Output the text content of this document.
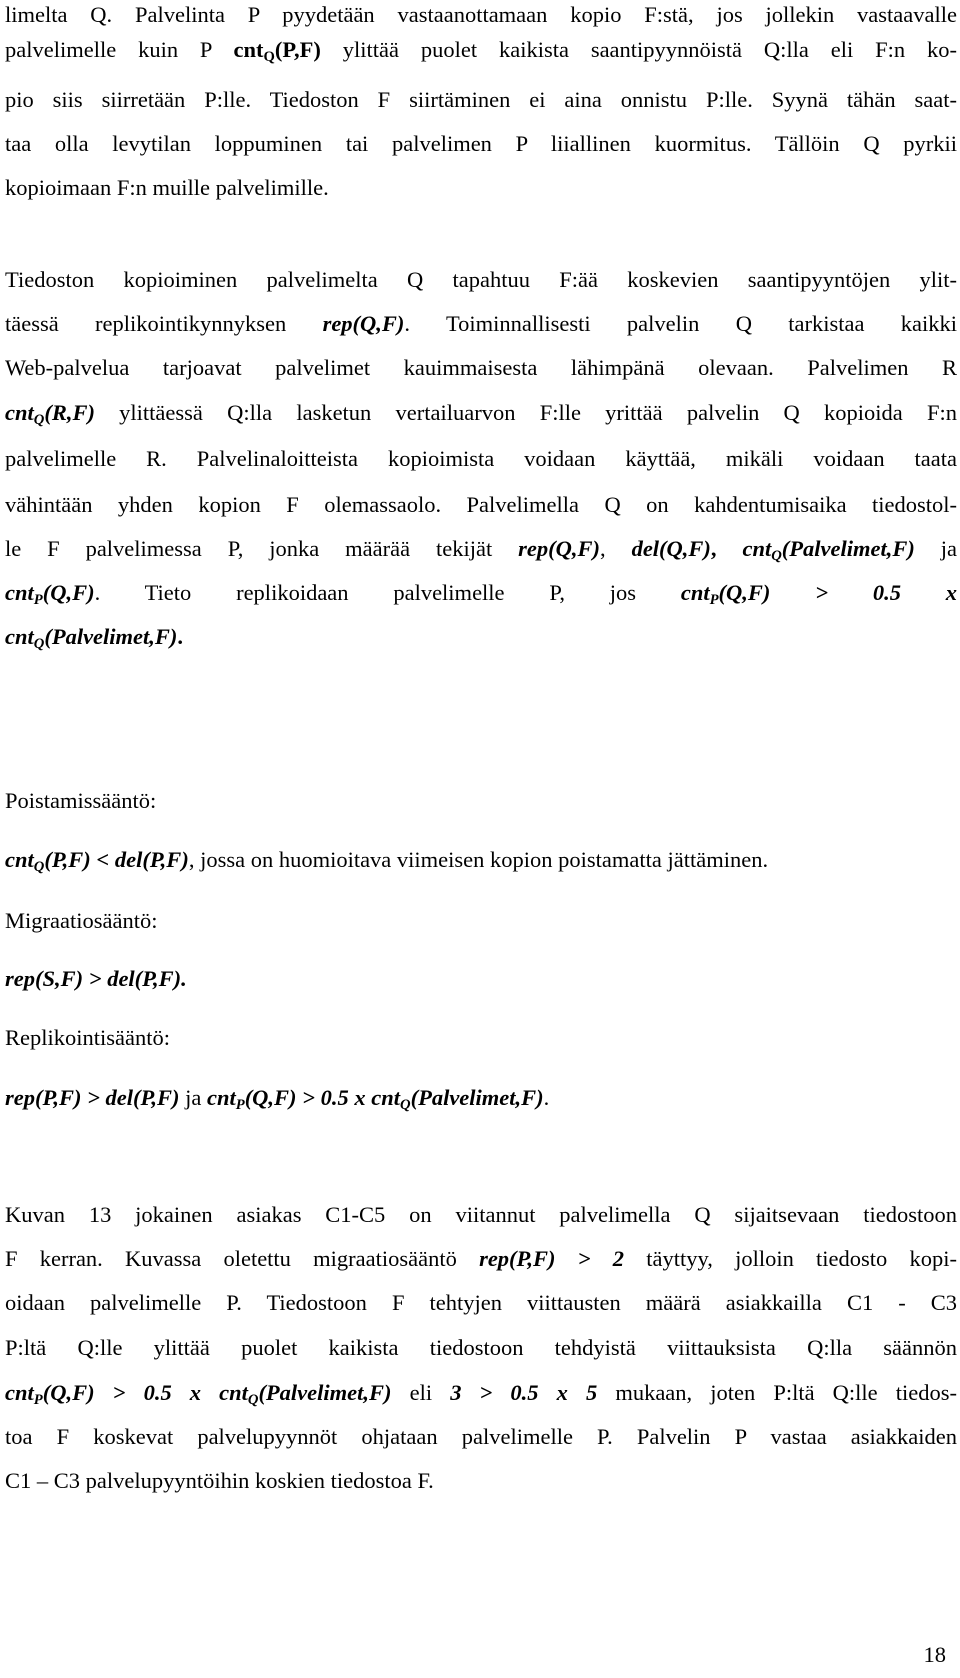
limelta Q. Palvelinta P pyydetään vastaanottamaan kopio F:stä, jos jollekin vastaavalle
palvelimelle kuin P cnt$_Q$(P,F) ylittää puolet kaikista saantipyynnöistä Q:lla eli F:n ko-
pio siis siirretään P:lle. Tiedoston F siirtäminen ei aina onnistu P:lle. Syynä tähän saat-
taa olla levytilan loppuminen tai palvelimen P liiallinen kuormitus. Tällöin Q pyrkii
kopioimaan F:n muille palvelimille.
Tiedoston kopioiminen palvelimelta Q tapahtuu F:ää koskevien saantipyyntöjen ylit-
täessä replikointikynnyksen rep(Q,F). Toiminnallisesti palvelin Q tarkistaa kaikki
Web-palvelua tarjoavat palvelimet kauimmaisesta lähimpänä olevaan. Palvelimen R
cnt$_Q$(R,F) ylittäessä Q:lla lasketun vertailuarvon F:lle yrittää palvelin Q kopioida F:n
palvelimelle R. Palvelinaloitteista kopioimista voidaan käyttää, mikäli voidaan taata
vähintään yhden kopion F olemassaolo. Palvelimella Q on kahdentumisaika tiedostol-
le F palvelimessa P, jonka määrää tekijät rep(Q,F), del(Q,F), cnt$_Q$(Palvelimet,F) ja
cnt$_P$(Q,F). Tieto replikoidaan palvelimelle P, jos cnt$_P$(Q,F) > 0.5 x
cnt$_Q$(Palvelimet,F).
Poistamissääntö:
cnt$_Q$(P,F) < del(P,F), jossa on huomioitava viimeisen kopion poistamatta jättäminen.
Migraatiosääntö:
rep(S,F) > del(P,F).
Replikointisääntö:
rep(P,F) > del(P,F) ja cnt$_P$(Q,F) > 0.5 x cnt$_Q$(Palvelimet,F).
Kuvan 13 jokainen asiakas C1-C5 on viitannut palvelimella Q sijaitsevaan tiedostoon
F kerran. Kuvassa oletettu migraatiosääntö rep(P,F) > 2 täyttyy, jolloin tiedosto kopi-
oidaan palvelimelle P. Tiedostoon F tehtyjen viittausten määrä asiakkailla C1 - C3
P:ltä Q:lle ylittää puolet kaikista tiedostoon tehdyistä viittauksista Q:lla säännön
cnt$_P$(Q,F) > 0.5 x cnt$_Q$(Palvelimet,F) eli 3 > 0.5 x 5 mukaan, joten P:ltä Q:lle tiedos-
toa F koskevat palvelupyynnöt ohjataan palvelimelle P. Palvelin P vastaa asiakkaiden
C1 – C3 palvelupyyntöihin koskien tiedostoa F.
18
